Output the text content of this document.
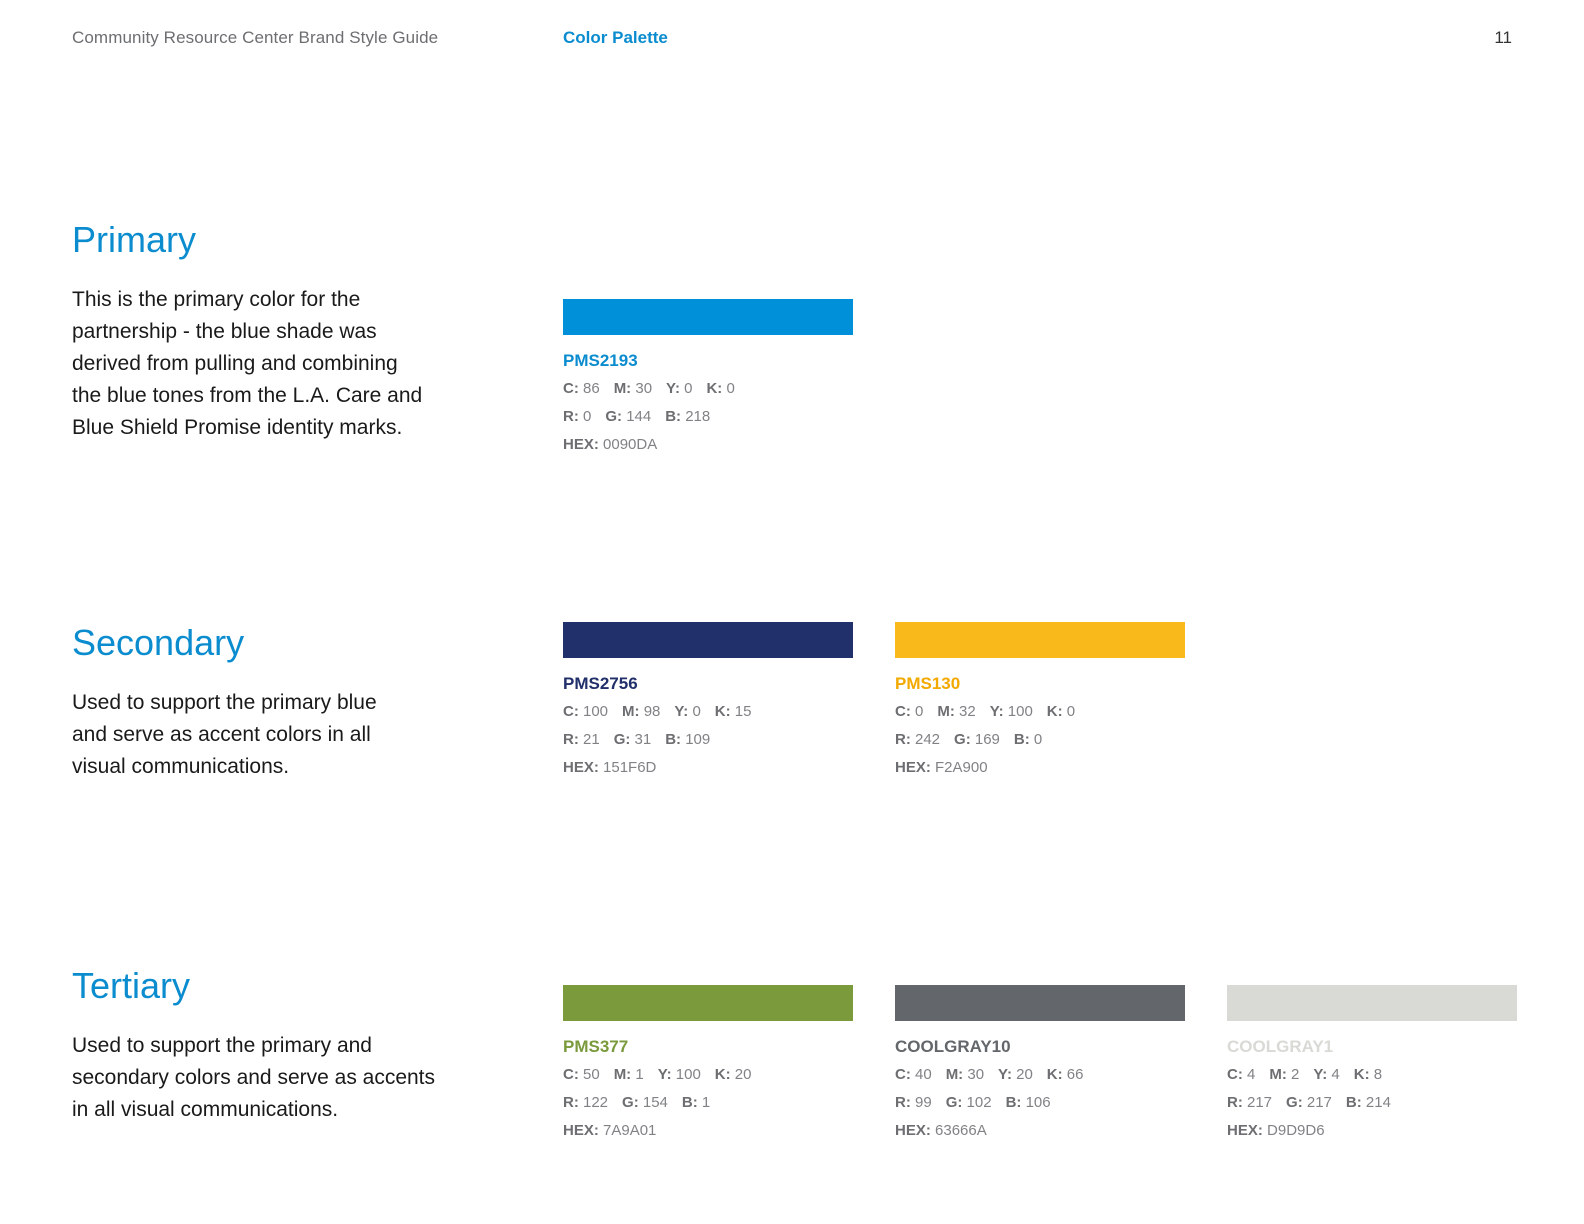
Community Resource Center Brand Style Guide	Color Palette	11
Primary

This is the primary color for the
partnership - the blue shade was
derived from pulling and combining
the blue tones from the L.A. Care and
Blue Shield Promise identity marks.

PMS2193
C: 86 M: 30 Y: 0 K: 0
R: 0 G: 144 B: 218
HEX: 0090DA
Secondary

Used to support the primary blue
and serve as accent colors in all
visual communications.

PMS2756
C: 100 M: 98 Y: 0 K: 15
R: 21 G: 31 B: 109
HEX: 151F6D
PMS130
C: 0 M: 32 Y: 100 K: 0
R: 242 G: 169 B: 0
HEX: F2A900
Tertiary

Used to support the primary and
secondary colors and serve as accents
in all visual communications.

PMS377
C: 50 M: 1 Y: 100 K: 20
R: 122 G: 154 B: 1
HEX: 7A9A01
COOLGRAY10
C: 40 M: 30 Y: 20 K: 66
R: 99 G: 102 B: 106
HEX: 63666A
COOLGRAY1
C: 4 M: 2 Y: 4 K: 8
R: 217 G: 217 B: 214
HEX: D9D9D6
